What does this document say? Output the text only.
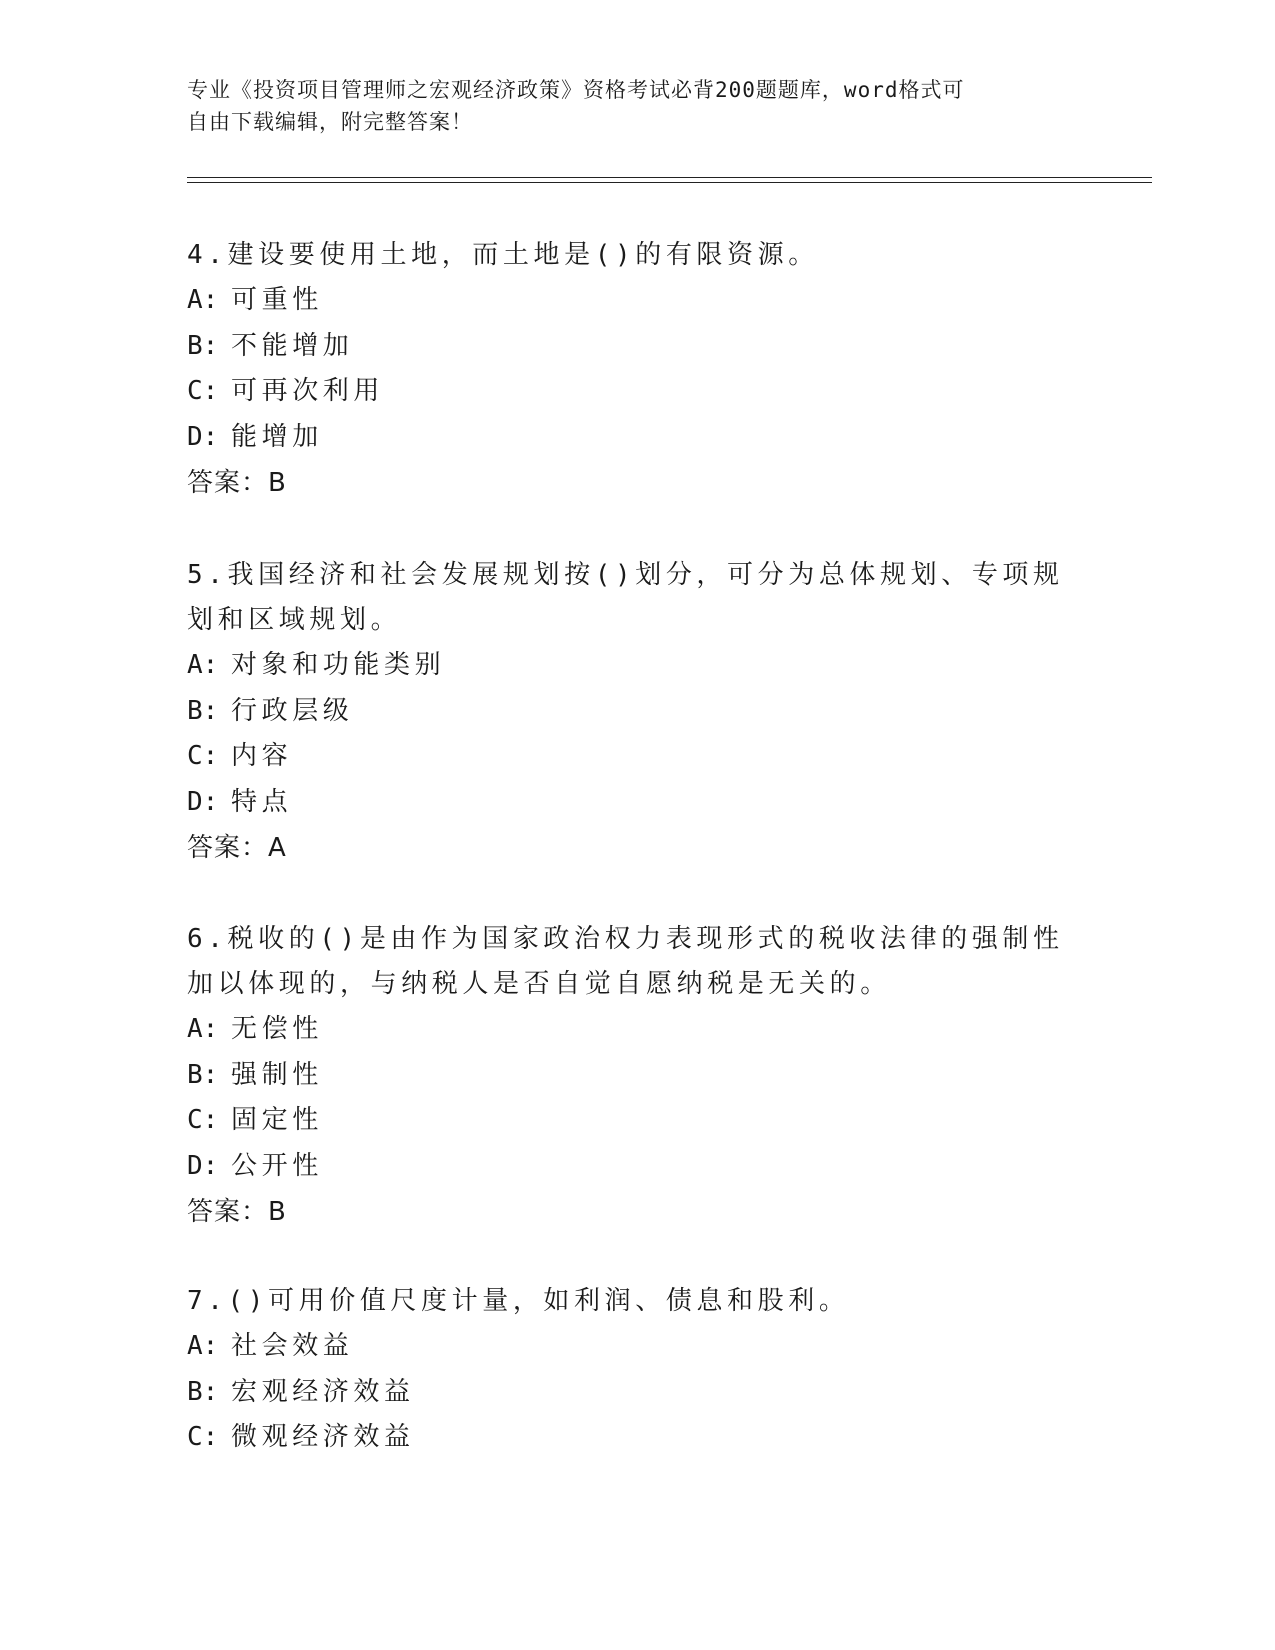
专业《投资项目管理师之宏观经济政策》资格考试必背200题题库，word格式可
自由下载编辑，附完整答案！

4.建设要使用土地，而土地是()的有限资源。

A: 可重性

B: 不能增加

C: 可再次利用

D: 能增加

答案：B

5.我国经济和社会发展规划按()划分，可分为总体规划、专项规划和区域规划。

A: 对象和功能类别

B: 行政层级

C: 内容

D: 特点

答案：A

6.税收的()是由作为国家政治权力表现形式的税收法律的强制性加以体现的，与纳税人是否自觉自愿纳税是无关的。

A: 无偿性

B: 强制性

C: 固定性

D: 公开性

答案：B

7.()可用价值尺度计量，如利润、债息和股利。

A: 社会效益

B: 宏观经济效益

C: 微观经济效益
